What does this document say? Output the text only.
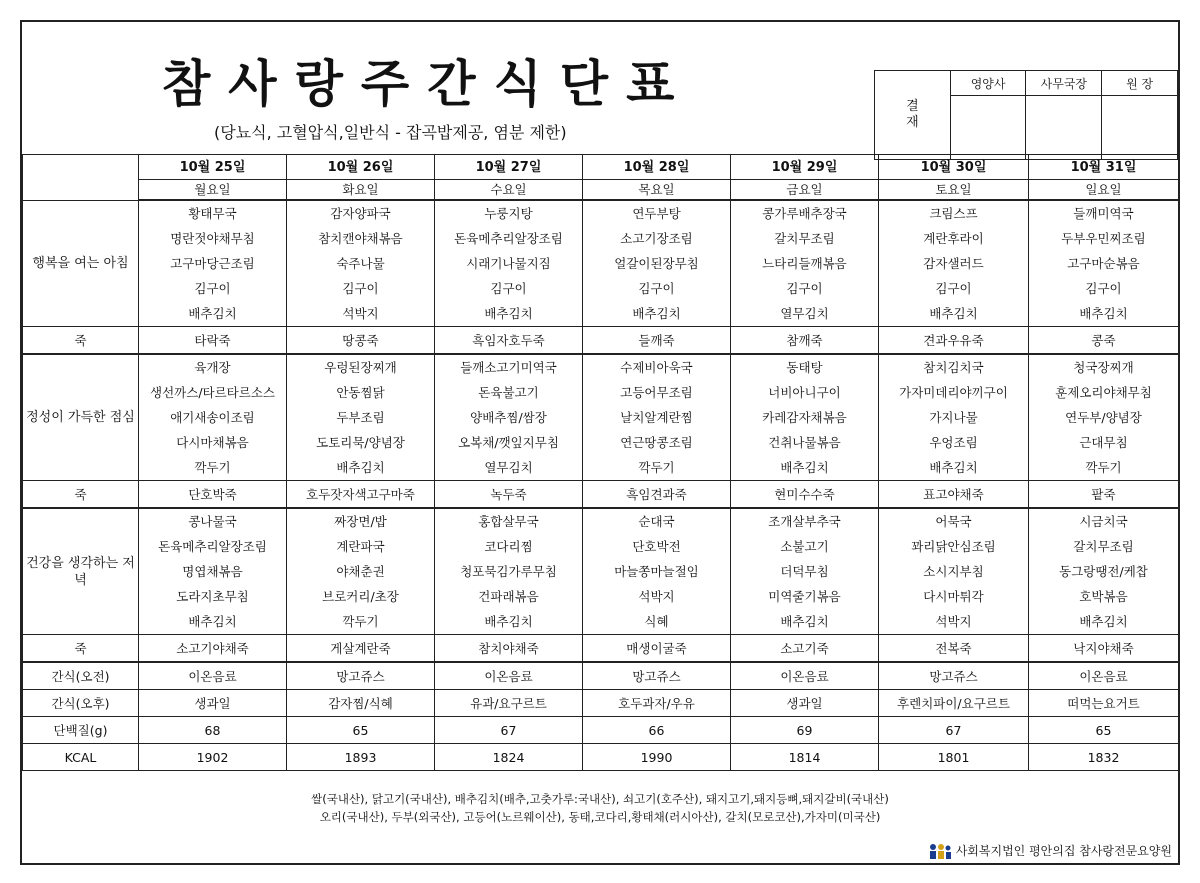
참사랑주간식단표
(당뇨식, 고혈압식,일반식 - 잡곡밥제공, 염분 제한)
결
재	영양사	사무국장	원 장

	10월 25일	10월 26일	10월 27일	10월 28일	10월 29일	10월 30일	10월 31일
	월요일	화요일	수요일	목요일	금요일	토요일	일요일
행복을 여는 아침	황태무국	감자양파국	누룽지탕	연두부탕	콩가루배추장국	크림스프	들깨미역국
	명란젓야채무침	참치캔야채볶음	돈육메추리알장조림	소고기장조림	갈치무조림	계란후라이	두부우민찌조림
	고구마당근조림	숙주나물	시래기나물지짐	얼갈이된장무침	느타리들깨볶음	감자샐러드	고구마순볶음
	김구이	김구이	김구이	김구이	김구이	김구이	김구이
	배추김치	석박지	배추김치	배추김치	열무김치	배추김치	배추김치
죽	타락죽	땅콩죽	흑임자호두죽	들깨죽	참깨죽	견과우유죽	콩죽
정성이 가득한 점심	육개장	우렁된장찌개	들깨소고기미역국	수제비아욱국	동태탕	참치김치국	청국장찌개
	생선까스/타르타르소스	안동찜닭	돈육불고기	고등어무조림	너비아니구이	가자미데리야끼구이	훈제오리야채무침
	애기새송이조림	두부조림	양배추찜/쌈장	날치알계란찜	카레감자채볶음	가지나물	연두부/양념장
	다시마채볶음	도토리묵/양념장	오복채/깻잎지무침	연근땅콩조림	건취나물볶음	우엉조림	근대무침
	깍두기	배추김치	열무김치	깍두기	배추김치	배추김치	깍두기
죽	단호박죽	호두잣자색고구마죽	녹두죽	흑임견과죽	현미수수죽	표고야채죽	팥죽
건강을 생각하는 저녁	콩나물국	짜장면/밥	홍합살무국	순대국	조개살부추국	어묵국	시금치국
	돈육메추리알장조림	계란파국	코다리찜	단호박전	소불고기	꽈리닭안심조림	갈치무조림
	명엽채볶음	야채춘권	청포묵김가루무침	마늘쫑마늘절임	더덕무침	소시지부침	동그랑땡전/케찹
	도라지초무침	브로커리/초장	건파래볶음	석박지	미역줄기볶음	다시마튀각	호박볶음
	배추김치	깍두기	배추김치	식혜	배추김치	석박지	배추김치
죽	소고기야채죽	게살계란죽	참치야채죽	매생이굴죽	소고기죽	전복죽	낙지야채죽
간식(오전)	이온음료	망고쥬스	이온음료	망고쥬스	이온음료	망고쥬스	이온음료
간식(오후)	생과일	감자찜/식혜	유과/요구르트	호두과자/우유	생과일	후렌치파이/요구르트	떠먹는요거트
단백질(g)	68	65	67	66	69	67	65
KCAL	1902	1893	1824	1990	1814	1801	1832
쌀(국내산), 닭고기(국내산), 배추김치(배추,고춧가루:국내산), 쇠고기(호주산), 돼지고기,돼지등뼈,돼지갈비(국내산)
오리(국내산), 두부(외국산), 고등어(노르웨이산), 동태,코다리,황태채(러시아산), 갈치(모로코산),가자미(미국산)
사회복지법인 평안의집 참사랑전문요양원
